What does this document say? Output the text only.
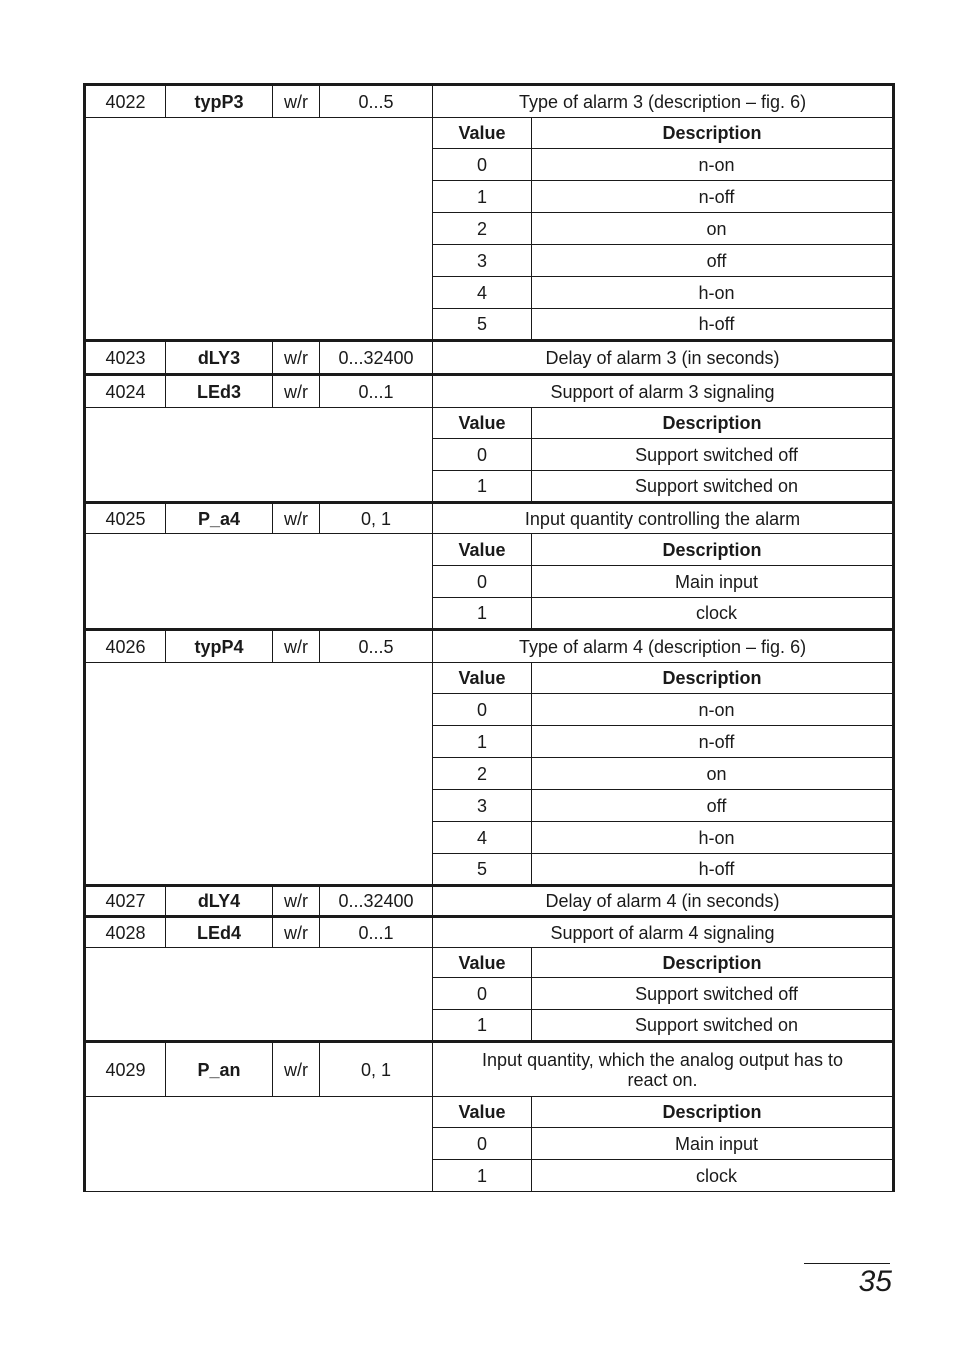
4022	typP3	w/r	0...5	Type of alarm 3 (description – fig. 6)	
				Value	Description
				0	n-on
				1	n-off
				2	on
				3	off
				4	h-on
				5	h-off
4023	dLY3	w/r	0...32400	Delay of alarm 3 (in seconds)	
4024	LEd3	w/r	0...1	Support of alarm 3 signaling	
				Value	Description
				0	Support switched off
				1	Support switched on
4025	P_a4	w/r	0, 1	Input quantity controlling the alarm	
				Value	Description
				0	Main input
				1	clock
4026	typP4	w/r	0...5	Type of alarm 4 (description – fig. 6)	
				Value	Description
				0	n-on
				1	n-off
				2	on
				3	off
				4	h-on
				5	h-off
4027	dLY4	w/r	0...32400	Delay of alarm 4 (in seconds)	
4028	LEd4	w/r	0...1	Support of alarm 4 signaling	
				Value	Description
				0	Support switched off
				1	Support switched on
4029	P_an	w/r	0, 1	Input quantity, which the analog output has to react on.	
				Value	Description
				0	Main input
				1	clock
35
